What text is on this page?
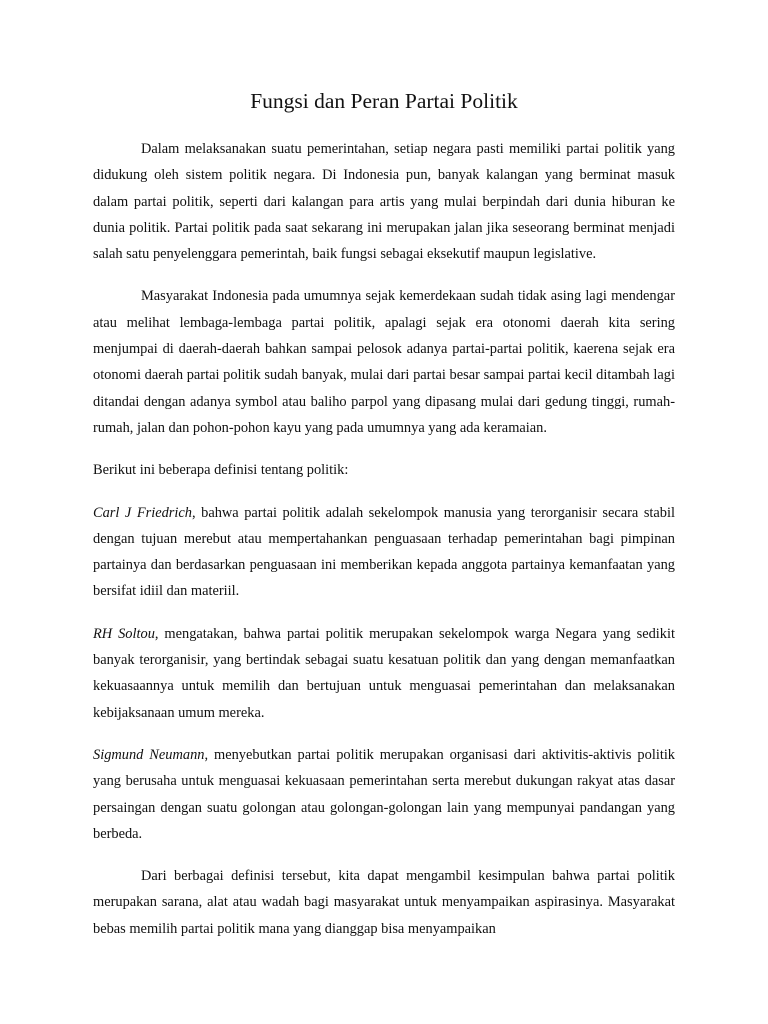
Fungsi dan Peran Partai Politik

Dalam melaksanakan suatu pemerintahan, setiap negara pasti memiliki partai politik yang didukung oleh sistem politik negara. Di Indonesia pun, banyak kalangan yang berminat masuk dalam partai politik, seperti dari kalangan para artis yang mulai berpindah dari dunia hiburan ke dunia politik. Partai politik pada saat sekarang ini merupakan jalan jika seseorang berminat menjadi salah satu penyelenggara pemerintah, baik fungsi sebagai eksekutif maupun legislative.

Masyarakat Indonesia pada umumnya sejak kemerdekaan sudah tidak asing lagi mendengar atau melihat lembaga-lembaga partai politik, apalagi sejak era otonomi daerah kita sering menjumpai di daerah-daerah bahkan sampai pelosok adanya partai-partai politik, kaerena sejak era otonomi daerah partai politik sudah banyak, mulai dari partai besar sampai partai kecil ditambah lagi ditandai dengan adanya symbol atau baliho parpol yang dipasang mulai dari gedung tinggi, rumah-rumah, jalan dan pohon-pohon kayu yang pada umumnya yang ada keramaian.

Berikut ini beberapa definisi tentang politik:

Carl J Friedrich, bahwa partai politik adalah sekelompok manusia yang terorganisir secara stabil dengan tujuan merebut atau mempertahankan penguasaan terhadap pemerintahan bagi pimpinan partainya dan berdasarkan penguasaan ini memberikan kepada anggota partainya kemanfaatan yang bersifat idiil dan materiil.

RH Soltou, mengatakan, bahwa partai politik merupakan sekelompok warga Negara yang sedikit banyak terorganisir, yang bertindak sebagai suatu kesatuan politik dan yang dengan memanfaatkan kekuasaannya untuk memilih dan bertujuan untuk menguasai pemerintahan dan melaksanakan kebijaksanaan umum mereka.

Sigmund Neumann, menyebutkan partai politik merupakan organisasi dari aktivitis-aktivis politik yang berusaha untuk menguasai kekuasaan pemerintahan serta merebut dukungan rakyat atas dasar persaingan dengan suatu golongan atau golongan-golongan lain yang mempunyai pandangan yang berbeda.

Dari berbagai definisi tersebut, kita dapat mengambil kesimpulan bahwa partai politik merupakan sarana, alat atau wadah bagi masyarakat untuk menyampaikan aspirasinya. Masyarakat bebas memilih partai politik mana yang dianggap bisa menyampaikan
